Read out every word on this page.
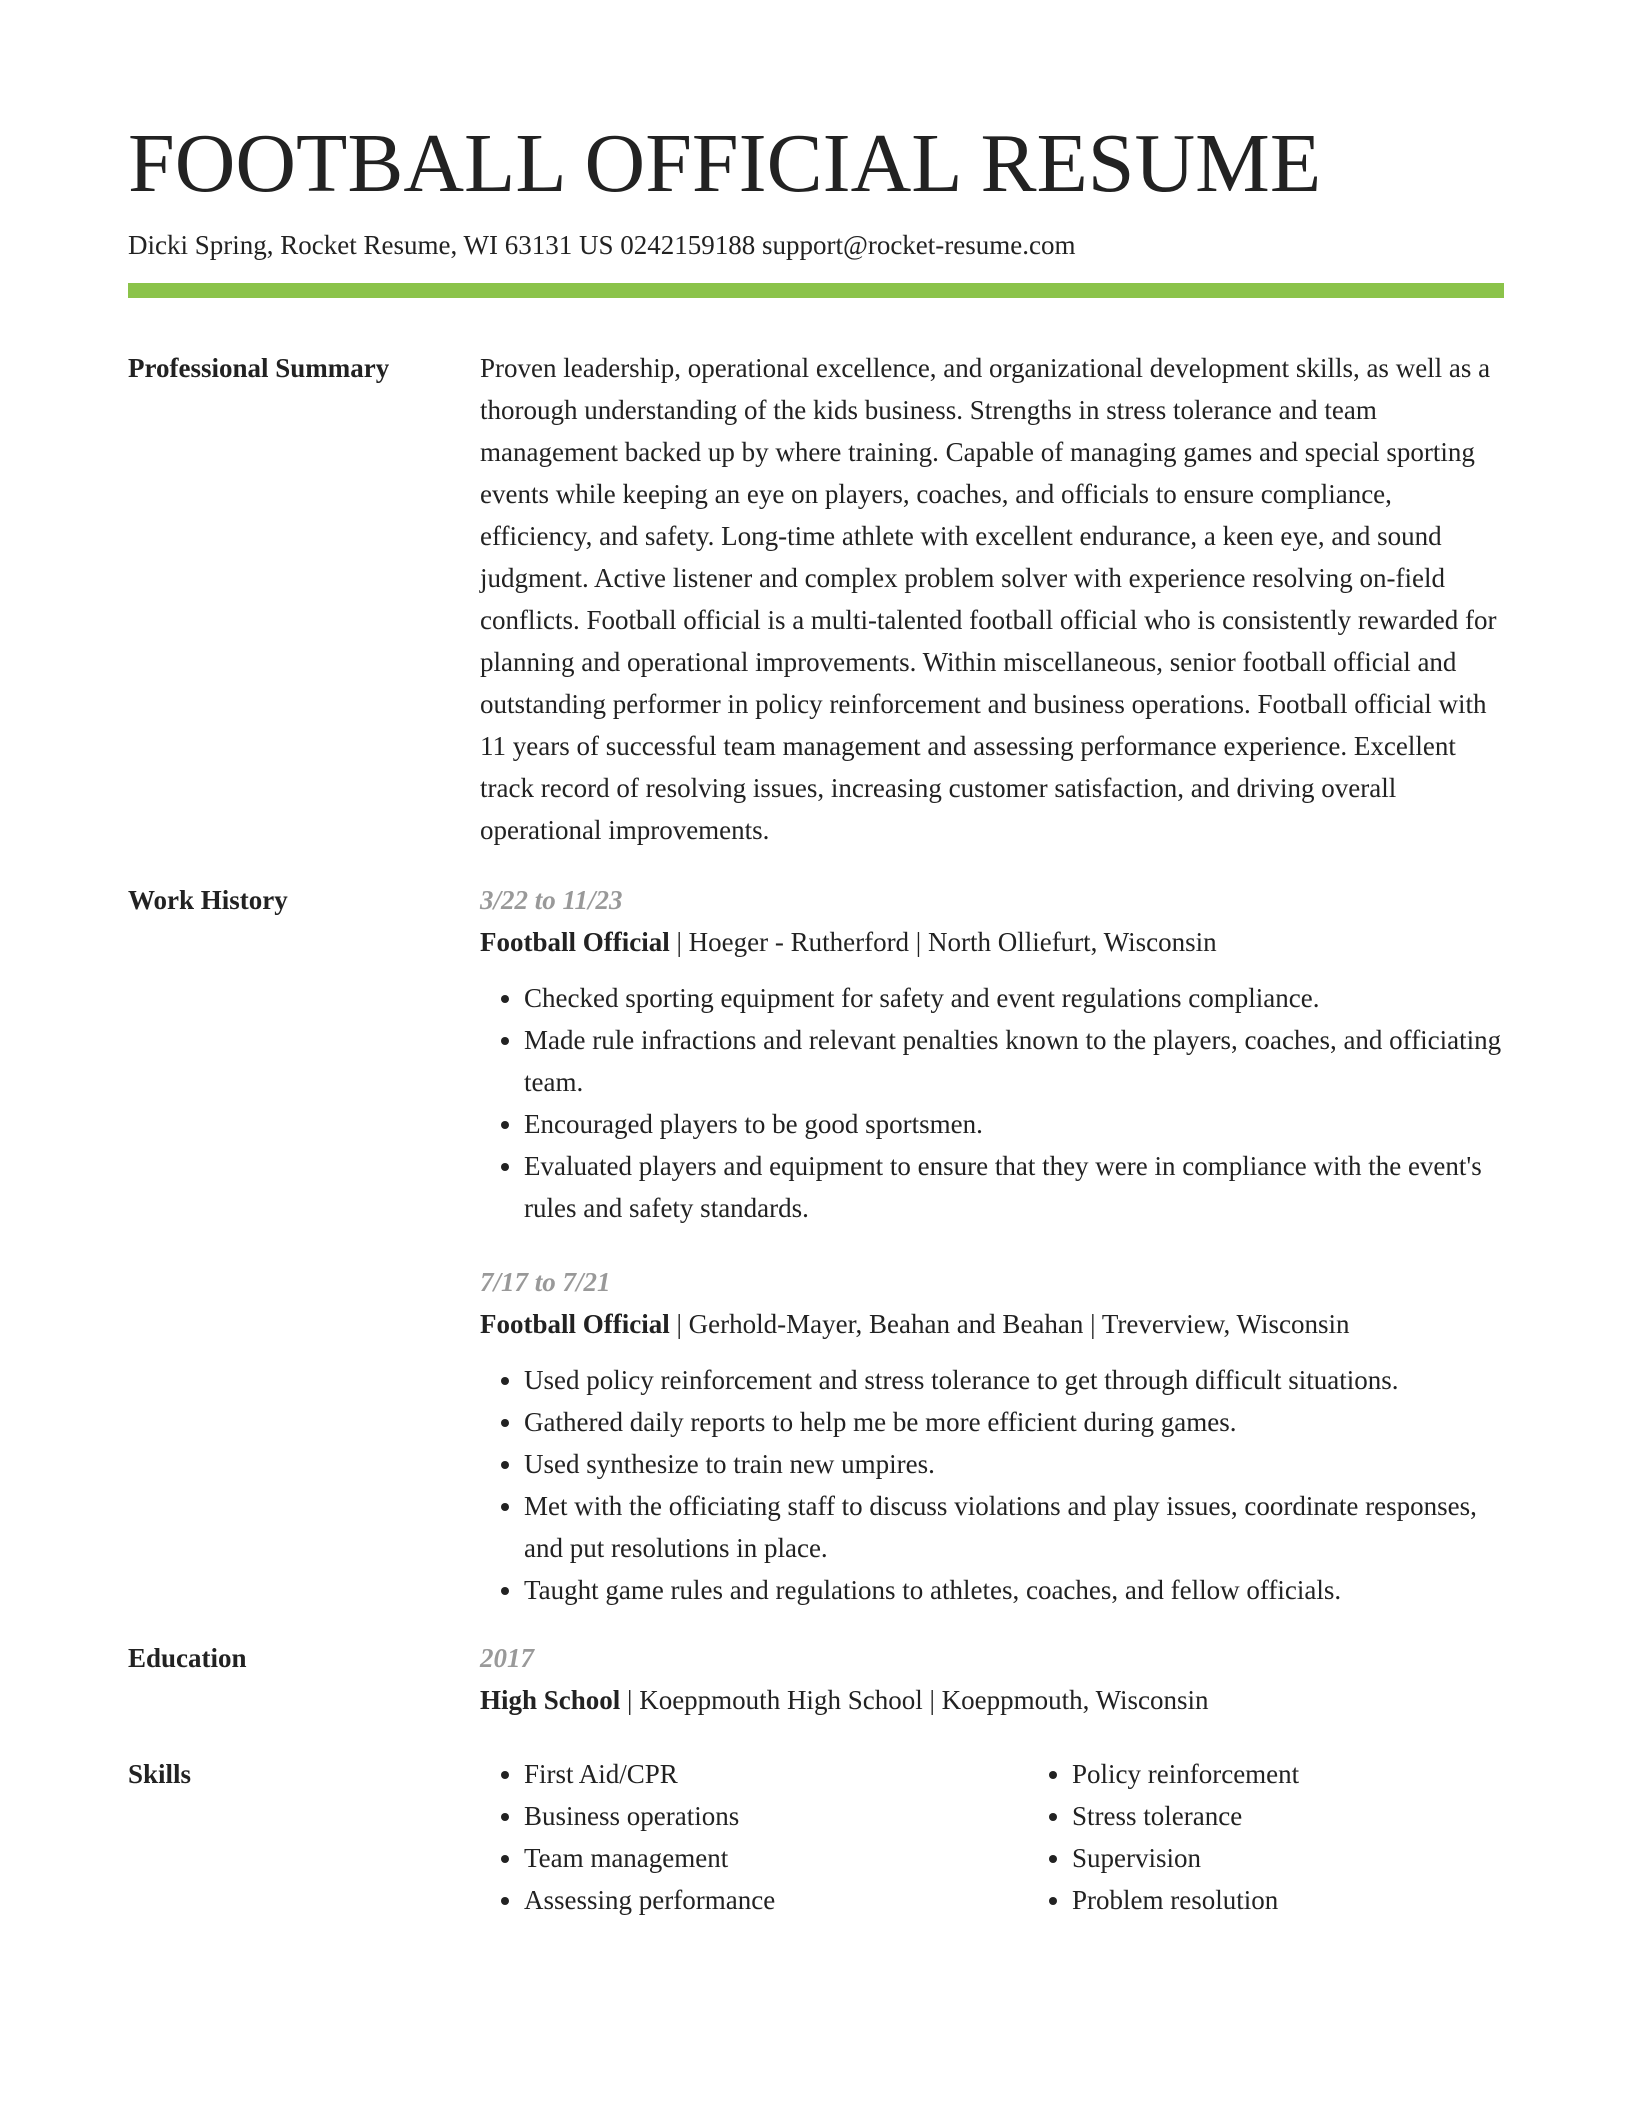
FOOTBALL OFFICIAL RESUME
Dicki Spring, Rocket Resume, WI 63131 US 0242159188 support@rocket-resume.com
Professional Summary	Proven leadership, operational excellence, and organizational development skills, as well as a thorough understanding of the kids business. Strengths in stress tolerance and team management backed up by where training. Capable of managing games and special sporting events while keeping an eye on players, coaches, and officials to ensure compliance, efficiency, and safety. Long-time athlete with excellent endurance, a keen eye, and sound judgment. Active listener and complex problem solver with experience resolving on-field conflicts. Football official is a multi-talented football official who is consistently rewarded for planning and operational improvements. Within miscellaneous, senior football official and outstanding performer in policy reinforcement and business operations. Football official with 11 years of successful team management and assessing performance experience. Excellent track record of resolving issues, increasing customer satisfaction, and driving overall operational improvements.
Work History	3/22 to 11/23
Football Official | Hoeger - Rutherford | North Olliefurt, Wisconsin
• Checked sporting equipment for safety and event regulations compliance.
• Made rule infractions and relevant penalties known to the players, coaches, and officiating team.
• Encouraged players to be good sportsmen.
• Evaluated players and equipment to ensure that they were in compliance with the event's rules and safety standards.
7/17 to 7/21
Football Official | Gerhold-Mayer, Beahan and Beahan | Treverview, Wisconsin
• Used policy reinforcement and stress tolerance to get through difficult situations.
• Gathered daily reports to help me be more efficient during games.
• Used synthesize to train new umpires.
• Met with the officiating staff to discuss violations and play issues, coordinate responses, and put resolutions in place.
• Taught game rules and regulations to athletes, coaches, and fellow officials.
Education	2017
High School | Koeppmouth High School | Koeppmouth, Wisconsin
Skills
•	First Aid/CPR
• Business operations
• Team management
• Assessing performance
• Policy reinforcement
• Stress tolerance
• Supervision
• Problem resolution
